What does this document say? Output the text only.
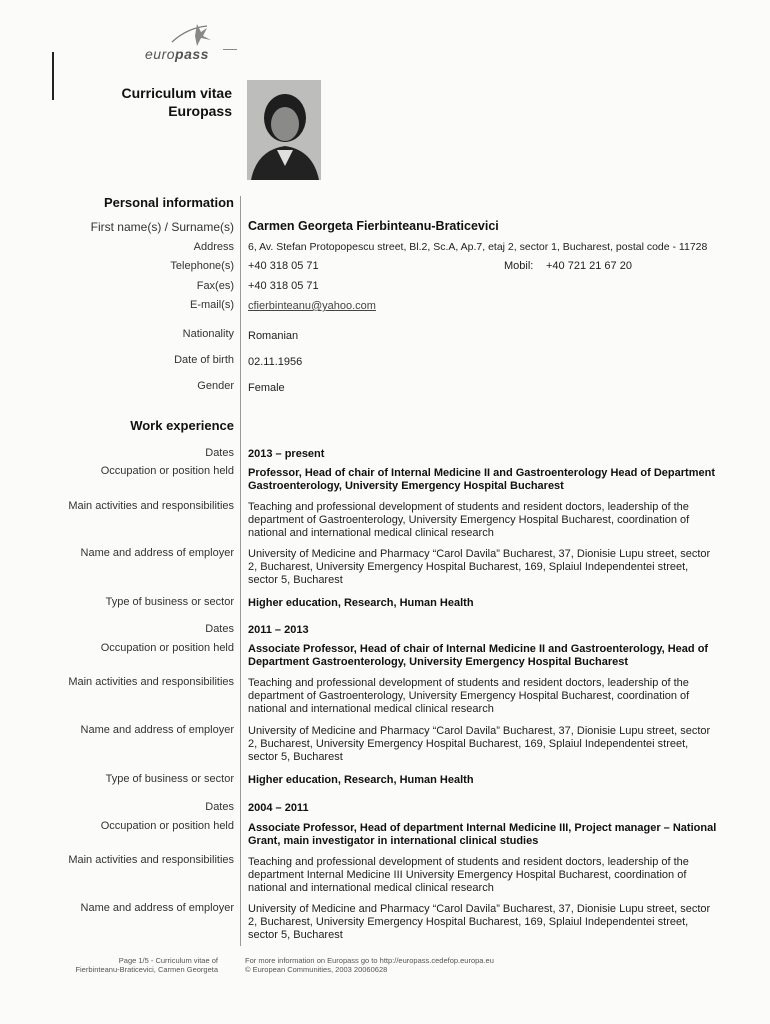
europass
Curriculum vitae
Europass
Personal information
First name(s) / Surname(s) Carmen Georgeta Fierbinteanu-Braticevici
Address 6, Av. Stefan Protopopescu street, Bl.2, Sc.A, Ap.7, etaj 2, sector 1, Bucharest, postal code - 11728
Telephone(s) +40 318 05 71	Mobil: +40 721 21 67 20
Fax(es) +40 318 05 71
E-mail(s) cfierbinteanu@yahoo.com
Nationality Romanian
Date of birth 02.11.1956
Gender Female
Work experience
Dates 2013 – present
Occupation or position held Professor, Head of chair of Internal Medicine II and Gastroenterology Head of Department Gastroenterology, University Emergency Hospital Bucharest
Main activities and responsibilities Teaching and professional development of students and resident doctors, leadership of the department of Gastroenterology, University Emergency Hospital Bucharest, coordination of national and international medical clinical research
Name and address of employer University of Medicine and Pharmacy “Carol Davila” Bucharest, 37, Dionisie Lupu street, sector 2, Bucharest, University Emergency Hospital Bucharest, 169, Splaiul Independentei street, sector 5, Bucharest
Type of business or sector Higher education, Research, Human Health
Dates 2011 – 2013
Occupation or position held Associate Professor, Head of chair of Internal Medicine II and Gastroenterology, Head of Department Gastroenterology, University Emergency Hospital Bucharest
Main activities and responsibilities Teaching and professional development of students and resident doctors, leadership of the department of Gastroenterology, University Emergency Hospital Bucharest, coordination of national and international medical clinical research
Name and address of employer University of Medicine and Pharmacy “Carol Davila” Bucharest, 37, Dionisie Lupu street, sector 2, Bucharest, University Emergency Hospital Bucharest, 169, Splaiul Independentei street, sector 5, Bucharest
Type of business or sector Higher education, Research, Human Health
Dates 2004 – 2011
Occupation or position held Associate Professor, Head of department Internal Medicine III, Project manager – National Grant, main investigator in international clinical studies
Main activities and responsibilities Teaching and professional development of students and resident doctors, leadership of the department Internal Medicine III University Emergency Hospital Bucharest, coordination of national and international medical clinical research
Name and address of employer University of Medicine and Pharmacy “Carol Davila” Bucharest, 37, Dionisie Lupu street, sector 2, Bucharest, University Emergency Hospital Bucharest, 169, Splaiul Independentei street, sector 5, Bucharest
Page 1/5 - Curriculum vitae of
Fierbinteanu-Braticevici, Carmen Georgeta
For more information on Europass go to http://europass.cedefop.europa.eu
© European Communities, 2003 20060628
